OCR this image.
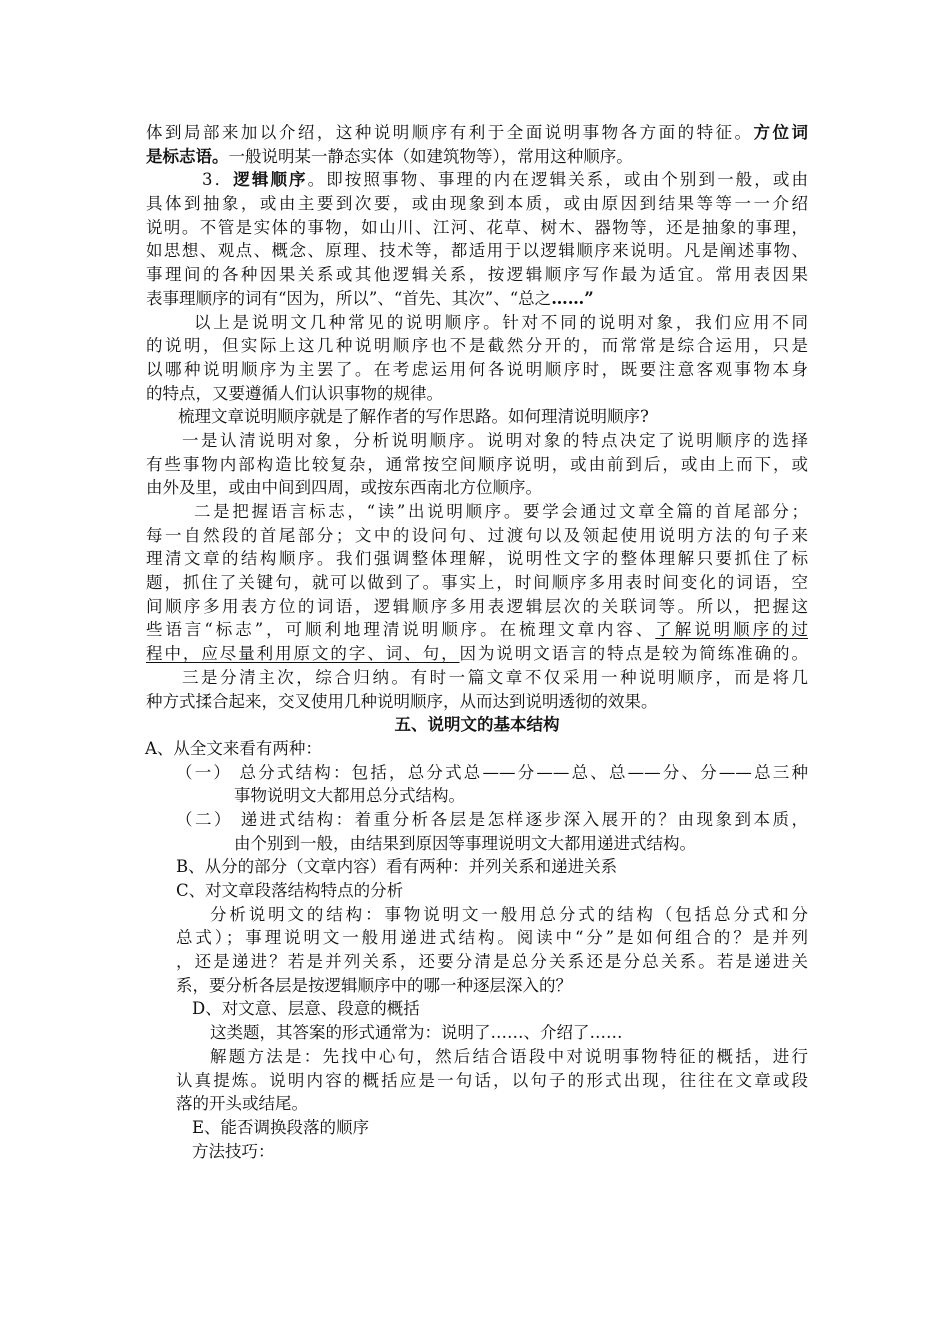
体到局部来加以介绍，这种说明顺序有利于全面说明事物各方面的特征。方位词
是标志语。一般说明某一静态实体（如建筑物等），常用这种顺序。
3．逻辑顺序。即按照事物、事理的内在逻辑关系，或由个别到一般，或由
具体到抽象，或由主要到次要，或由现象到本质，或由原因到结果等等一一介绍
说明。不管是实体的事物，如山川、江河、花草、树木、器物等，还是抽象的事理，
如思想、观点、概念、原理、技术等，都适用于以逻辑顺序来说明。凡是阐述事物、
事理间的各种因果关系或其他逻辑关系，按逻辑顺序写作最为适宜。常用表因果
表事理顺序的词有“因为，所以”、“首先、其次”、“总之……”
以上是说明文几种常见的说明顺序。针对不同的说明对象，我们应用不同
的说明，但实际上这几种说明顺序也不是截然分开的，而常常是综合运用，只是
以哪种说明顺序为主罢了。在考虑运用何各说明顺序时，既要注意客观事物本身
的特点，又要遵循人们认识事物的规律。
梳理文章说明顺序就是了解作者的写作思路。如何理清说明顺序?
一是认清说明对象，分析说明顺序。说明对象的特点决定了说明顺序的选择
有些事物内部构造比较复杂，通常按空间顺序说明，或由前到后，或由上而下，或
由外及里，或由中间到四周，或按东西南北方位顺序。
二是把握语言标志，“读”出说明顺序。要学会通过文章全篇的首尾部分；
每一自然段的首尾部分；文中的设问句、过渡句以及领起使用说明方法的句子来
理清文章的结构顺序。我们强调整体理解，说明性文字的整体理解只要抓住了标
题，抓住了关键句，就可以做到了。事实上，时间顺序多用表时间变化的词语，空
间顺序多用表方位的词语，逻辑顺序多用表逻辑层次的关联词等。所以，把握这
些语言“标志”，可顺利地理清说明顺序。在梳理文章内容、了解说明顺序的过
程中，应尽量利用原文的字、词、句，因为说明文语言的特点是较为简练准确的。
三是分清主次，综合归纳。有时一篇文章不仅采用一种说明顺序，而是将几
种方式揉合起来，交叉使用几种说明顺序，从而达到说明透彻的效果。
五、说明文的基本结构
A、从全文来看有两种：
（一） 总分式结构：包括，总分式总——分——总、总——分、分——总三种
事物说明文大都用总分式结构。
（二） 递进式结构：着重分析各层是怎样逐步深入展开的？由现象到本质，
由个别到一般，由结果到原因等事理说明文大都用递进式结构。
B、从分的部分（文章内容）看有两种：并列关系和递进关系
C、对文章段落结构特点的分析
分析说明文的结构：事物说明文一般用总分式的结构（包括总分式和分
总式）；事理说明文一般用递进式结构。阅读中“分”是如何组合的？是并列
，还是递进？若是并列关系，还要分清是总分关系还是分总关系。若是递进关
系，要分析各层是按逻辑顺序中的哪一种逐层深入的？
D、对文意、层意、段意的概括
这类题，其答案的形式通常为：说明了……、介绍了……
解题方法是：先找中心句，然后结合语段中对说明事物特征的概括，进行
认真提炼。说明内容的概括应是一句话，以句子的形式出现，往往在文章或段
落的开头或结尾。
E、能否调换段落的顺序
方法技巧：
